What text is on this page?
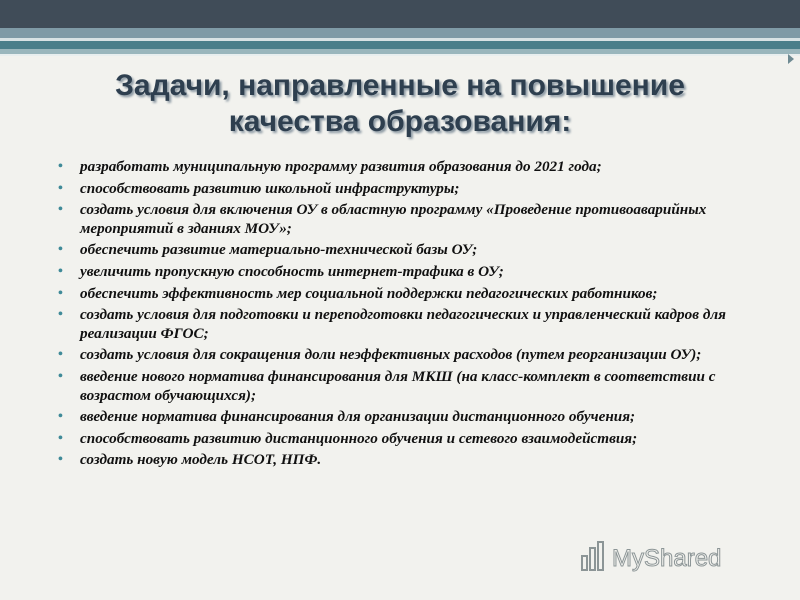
Задачи, направленные на повышение
качества образования:
• разработать муниципальную программу развития образования до 2021 года;
• способствовать развитию школьной инфраструктуры;
• создать условия для включения ОУ в областную программу «Проведение противоаварийных мероприятий в зданиях МОУ»;
• обеспечить развитие материально-технической базы ОУ;
• увеличить пропускную способность интернет-трафика в ОУ;
• обеспечить эффективность мер социальной поддержки педагогических работников;
• создать условия для подготовки и переподготовки педагогических и управленческий кадров для реализации ФГОС;
• создать условия для сокращения доли неэффективных расходов (путем реорганизации ОУ);
• введение нового норматива финансирования для МКШ (на класс-комплект в соответствии с возрастом обучающихся);
• введение норматива финансирования для организации дистанционного обучения;
• способствовать развитию дистанционного обучения и сетевого взаимодействия;
• создать новую модель НСОТ, НПФ.
MyShared
